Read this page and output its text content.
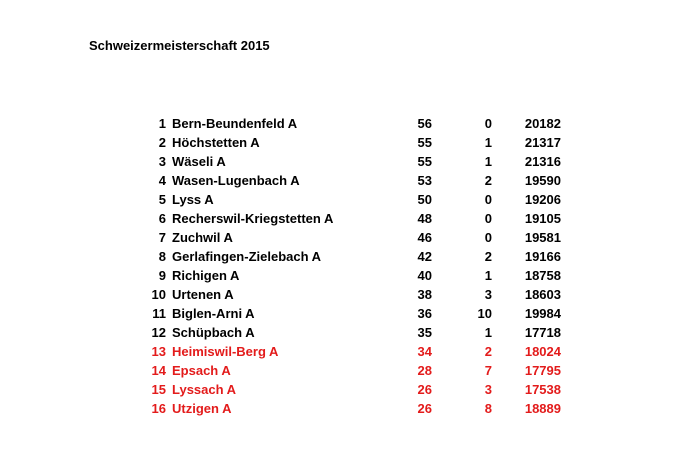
Schweizermeisterschaft 2015
1	Bern-Beundenfeld A	56	0	20182
2	Höchstetten A	55	1	21317
3	Wäseli A	55	1	21316
4	Wasen-Lugenbach A	53	2	19590
5	Lyss A	50	0	19206
6	Recherswil-Kriegstetten A	48	0	19105
7	Zuchwil A	46	0	19581
8	Gerlafingen-Zielebach A	42	2	19166
9	Richigen A	40	1	18758
10	Urtenen A	38	3	18603
11	Biglen-Arni A	36	10	19984
12	Schüpbach A	35	1	17718
13	Heimiswil-Berg A	34	2	18024
14	Epsach A	28	7	17795
15	Lyssach A	26	3	17538
16	Utzigen A	26	8	18889
